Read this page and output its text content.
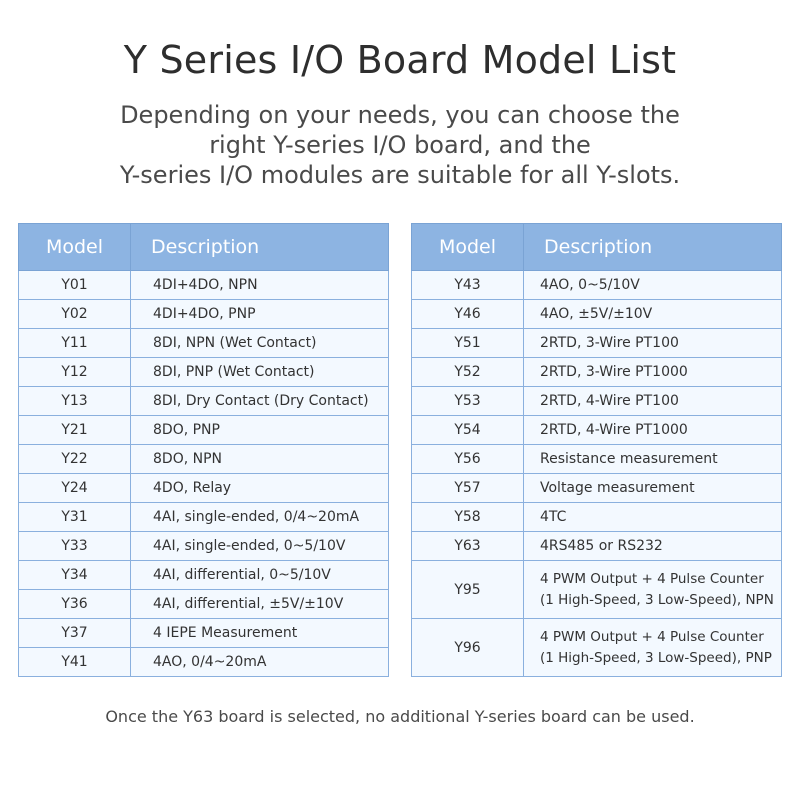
Y Series I/O Board Model List
Depending on your needs, you can choose the
right Y-series I/O board, and the
Y-series I/O modules are suitable for all Y-slots.
Model	Description
Y01	4DI+4DO, NPN
Y02	4DI+4DO, PNP
Y11	8DI, NPN (Wet Contact)
Y12	8DI, PNP (Wet Contact)
Y13	8DI, Dry Contact (Dry Contact)
Y21	8DO, PNP
Y22	8DO, NPN
Y24	4DO, Relay
Y31	4AI, single-ended, 0/4~20mA
Y33	4AI, single-ended, 0~5/10V
Y34	4AI, differential, 0~5/10V
Y36	4AI, differential, ±5V/±10V
Y37	4 IEPE Measurement
Y41	4AO, 0/4~20mA
Model	Description
Y43	4AO, 0~5/10V
Y46	4AO, ±5V/±10V
Y51	2RTD, 3-Wire PT100
Y52	2RTD, 3-Wire PT1000
Y53	2RTD, 4-Wire PT100
Y54	2RTD, 4-Wire PT1000
Y56	Resistance measurement
Y57	Voltage measurement
Y58	4TC
Y63	4RS485 or RS232
Y95	4 PWM Output + 4 Pulse Counter
(1 High-Speed, 3 Low-Speed), NPN

Y96	4 PWM Output + 4 Pulse Counter
(1 High-Speed, 3 Low-Speed), PNP
Once the Y63 board is selected, no additional Y-series board can be used.
